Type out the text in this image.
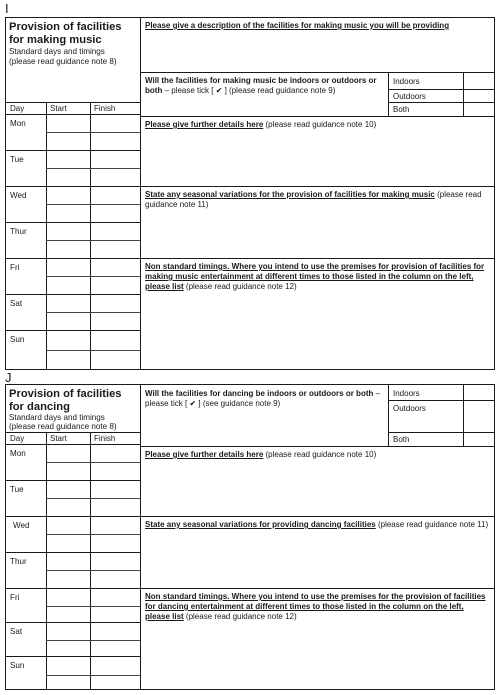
I
Provision of facilities for making music
Standard days and timings
(please read guidance note 8)
Day	Start	Finish
Mon
Tue
Wed
Thur
Fri
Sat
Sun
Please give a description of the facilities for making music you will be providing
Will the facilities for making music be indoors or outdoors or both – please tick [ ✔ ] (please read guidance note 9)
Indoors
Outdoors
Both
Please give further details here (please read guidance note 10)
State any seasonal variations for the provision of facilities for making music (please read guidance note 11)
Non standard timings. Where you intend to use the premises for provision of facilities for making music entertainment at different times to those listed in the column on the left, please list (please read guidance note 12)
J
Provision of facilities for dancing
Standard days and timings
(please read guidance note 8)
Day	Start	Finish
Mon
Tue
Wed
Thur
Fri
Sat
Sun
Will the facilities for dancing be indoors or outdoors or both – please tick [ ✔ ] (see guidance note 9)
Indoors
Outdoors
Both
Please give further details here (please read guidance note 10)
State any seasonal variations for providing dancing facilities (please read guidance note 11)
Non standard timings. Where you intend to use the premises for the provision of facilities for dancing entertainment at different times to those listed in the column on the left, please list (please read guidance note 12)
